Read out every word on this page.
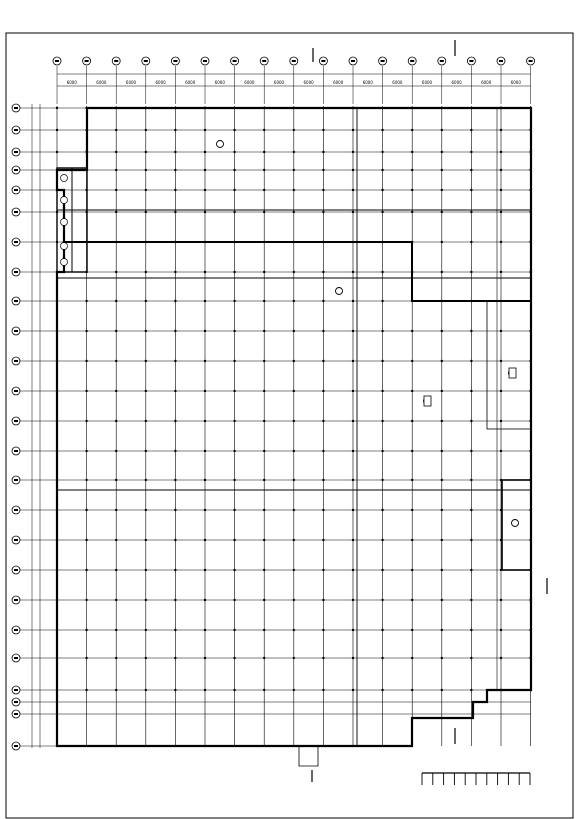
6000	6000	6000	6000	6000	6000	6000	6000	6000	6000	6000	6000	6000	6000	6000	6000
